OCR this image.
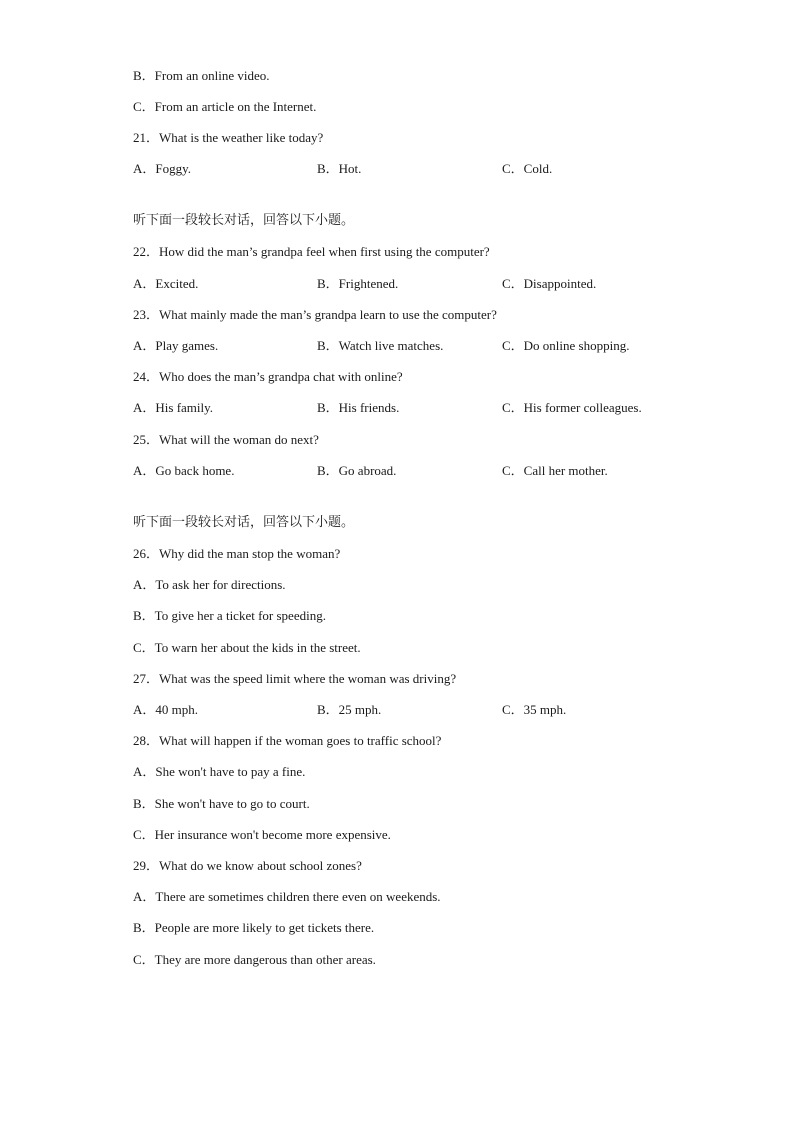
B．From an online video.
C．From an article on the Internet.
21．What is the weather like today?
A．Foggy.	B．Hot.	C．Cold.
听下面一段较长对话，回答以下小题。
22．How did the man’s grandpa feel when first using the computer?
A．Excited.	B．Frightened.	C．Disappointed.
23．What mainly made the man’s grandpa learn to use the computer?
A．Play games.	B．Watch live matches.	C．Do online shopping.
24．Who does the man’s grandpa chat with online?
A．His family.	B．His friends.	C．His former colleagues.
25．What will the woman do next?
A．Go back home.	B．Go abroad.	C．Call her mother.
听下面一段较长对话，回答以下小题。
26．Why did the man stop the woman?
A．To ask her for directions.
B．To give her a ticket for speeding.
C．To warn her about the kids in the street.
27．What was the speed limit where the woman was driving?
A．40 mph.	B．25 mph.	C．35 mph.
28．What will happen if the woman goes to traffic school?
A．She won't have to pay a fine.
B．She won't have to go to court.
C．Her insurance won't become more expensive.
29．What do we know about school zones?
A．There are sometimes children there even on weekends.
B．People are more likely to get tickets there.
C．They are more dangerous than other areas.
